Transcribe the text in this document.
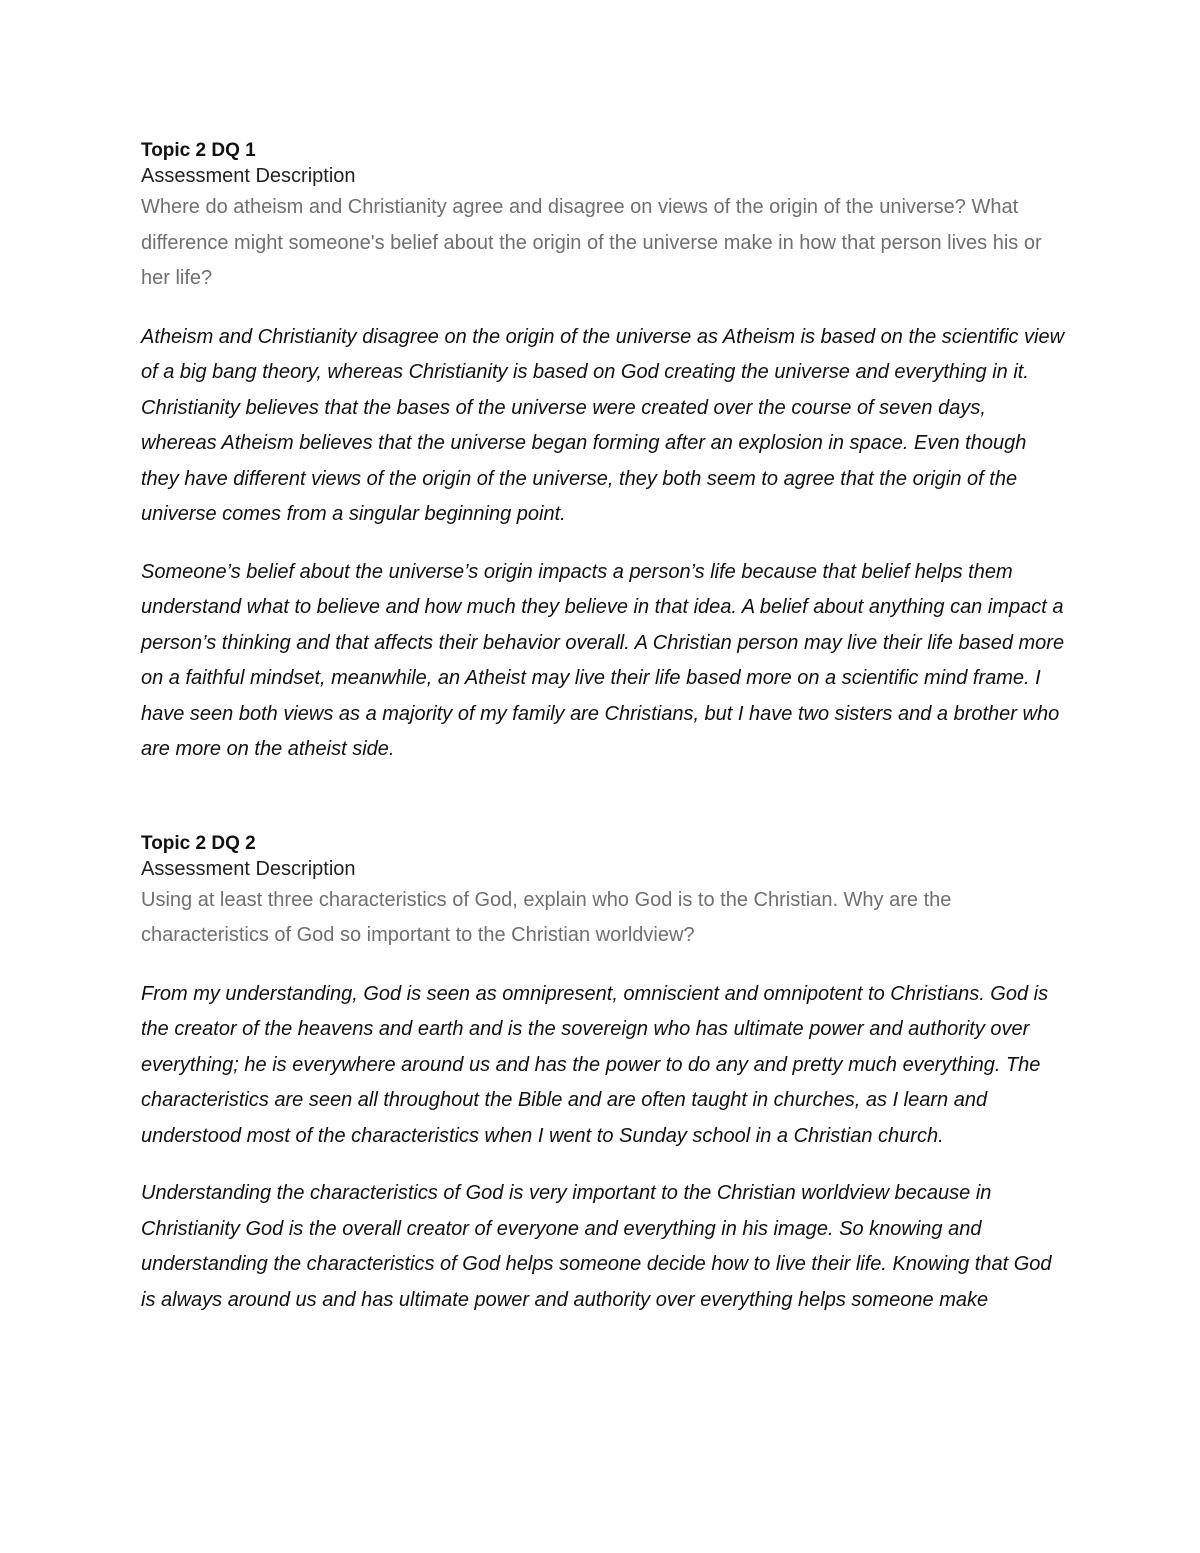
Topic 2 DQ 1

Assessment Description

Where do atheism and Christianity agree and disagree on views of the origin of the universe? What difference might someone's belief about the origin of the universe make in how that person lives his or her life?

Atheism and Christianity disagree on the origin of the universe as Atheism is based on the scientific view of a big bang theory, whereas Christianity is based on God creating the universe and everything in it. Christianity believes that the bases of the universe were created over the course of seven days, whereas Atheism believes that the universe began forming after an explosion in space. Even though they have different views of the origin of the universe, they both seem to agree that the origin of the universe comes from a singular beginning point.

Someone’s belief about the universe’s origin impacts a person’s life because that belief helps them understand what to believe and how much they believe in that idea. A belief about anything can impact a person’s thinking and that affects their behavior overall. A Christian person may live their life based more on a faithful mindset, meanwhile, an Atheist may live their life based more on a scientific mind frame. I have seen both views as a majority of my family are Christians, but I have two sisters and a brother who are more on the atheist side.

Topic 2 DQ 2

Assessment Description

Using at least three characteristics of God, explain who God is to the Christian. Why are the characteristics of God so important to the Christian worldview?

From my understanding, God is seen as omnipresent, omniscient and omnipotent to Christians. God is the creator of the heavens and earth and is the sovereign who has ultimate power and authority over everything; he is everywhere around us and has the power to do any and pretty much everything. The characteristics are seen all throughout the Bible and are often taught in churches, as I learn and understood most of the characteristics when I went to Sunday school in a Christian church.

Understanding the characteristics of God is very important to the Christian worldview because in Christianity God is the overall creator of everyone and everything in his image. So knowing and understanding the characteristics of God helps someone decide how to live their life. Knowing that God is always around us and has ultimate power and authority over everything helps someone make
